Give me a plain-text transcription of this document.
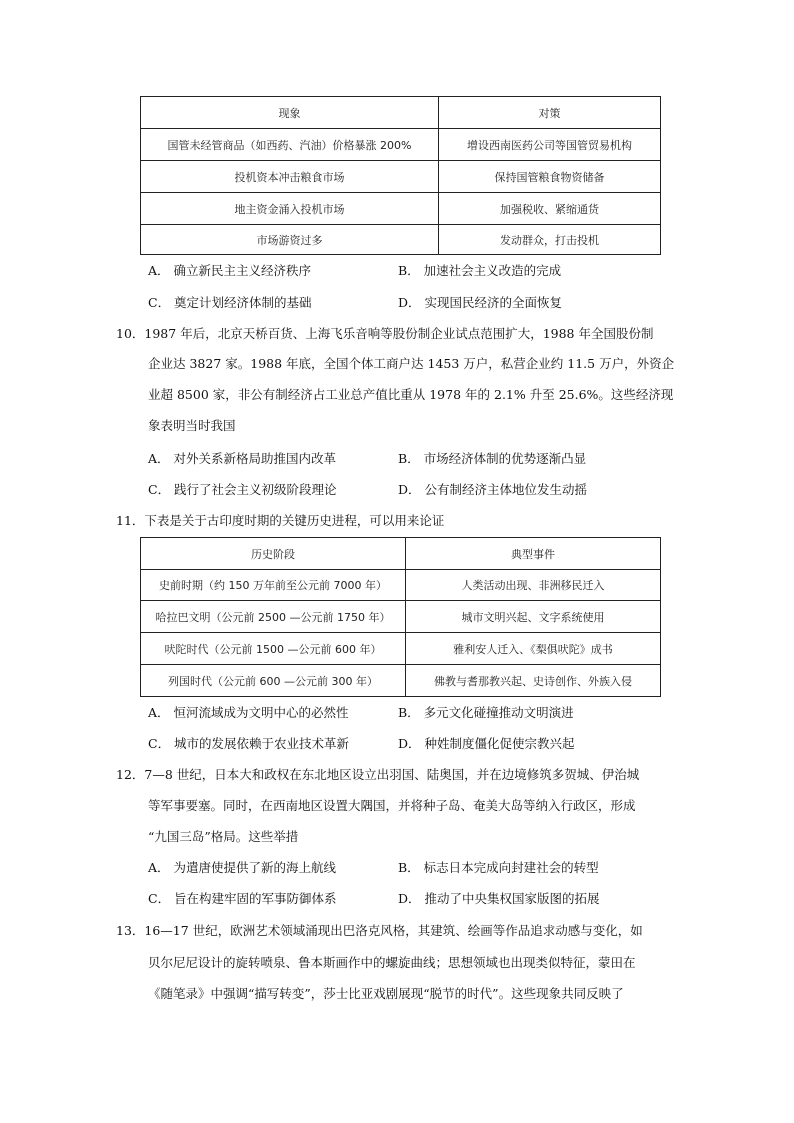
现象	对策
国管未经管商品（如西药、汽油）价格暴涨 200%	增设西南医药公司等国管贸易机构
投机资本冲击粮食市场	保持国管粮食物资储备
地主资金涌入投机市场	加强税收、紧缩通货
市场游资过多	发动群众，打击投机
A． 确立新民主主义经济秩序	B． 加速社会主义改造的完成
C． 奠定计划经济体制的基础	D． 实现国民经济的全面恢复
10．1987 年后，北京天桥百货、上海飞乐音响等股份制企业试点范围扩大，1988 年全国股份制
企业达 3827 家。1988 年底，全国个体工商户达 1453 万户，私营企业约 11.5 万户，外资企
业超 8500 家，非公有制经济占工业总产值比重从 1978 年的 2.1% 升至 25.6%。这些经济现
象表明当时我国
A． 对外关系新格局助推国内改革	B． 市场经济体制的优势逐渐凸显
C． 践行了社会主义初级阶段理论	D． 公有制经济主体地位发生动摇
11．下表是关于古印度时期的关键历史进程，可以用来论证
历史阶段	典型事件
史前时期（约 150 万年前至公元前 7000 年）	人类活动出现、非洲移民迁入
哈拉巴文明（公元前 2500 —公元前 1750 年）	城市文明兴起、文字系统使用
吠陀时代（公元前 1500 —公元前 600 年）	雅利安人迁入、《梨俱吠陀》成书
列国时代（公元前 600 —公元前 300 年）	佛教与耆那教兴起、史诗创作、外族入侵
A． 恒河流域成为文明中心的必然性	B． 多元文化碰撞推动文明演进
C． 城市的发展依赖于农业技术革新	D． 种姓制度僵化促使宗教兴起
12．7—8 世纪，日本大和政权在东北地区设立出羽国、陆奥国，并在边境修筑多贺城、伊治城
等军事要塞。同时，在西南地区设置大隅国，并将种子岛、奄美大岛等纳入行政区，形成
“九国三岛”格局。这些举措
A． 为遣唐使提供了新的海上航线	B． 标志日本完成向封建社会的转型
C． 旨在构建牢固的军事防御体系	D． 推动了中央集权国家版图的拓展
13．16—17 世纪，欧洲艺术领域涌现出巴洛克风格，其建筑、绘画等作品追求动感与变化，如
贝尔尼尼设计的旋转喷泉、鲁本斯画作中的螺旋曲线；思想领域也出现类似特征，蒙田在
《随笔录》中强调“描写转变”，莎士比亚戏剧展现“脱节的时代”。这些现象共同反映了
